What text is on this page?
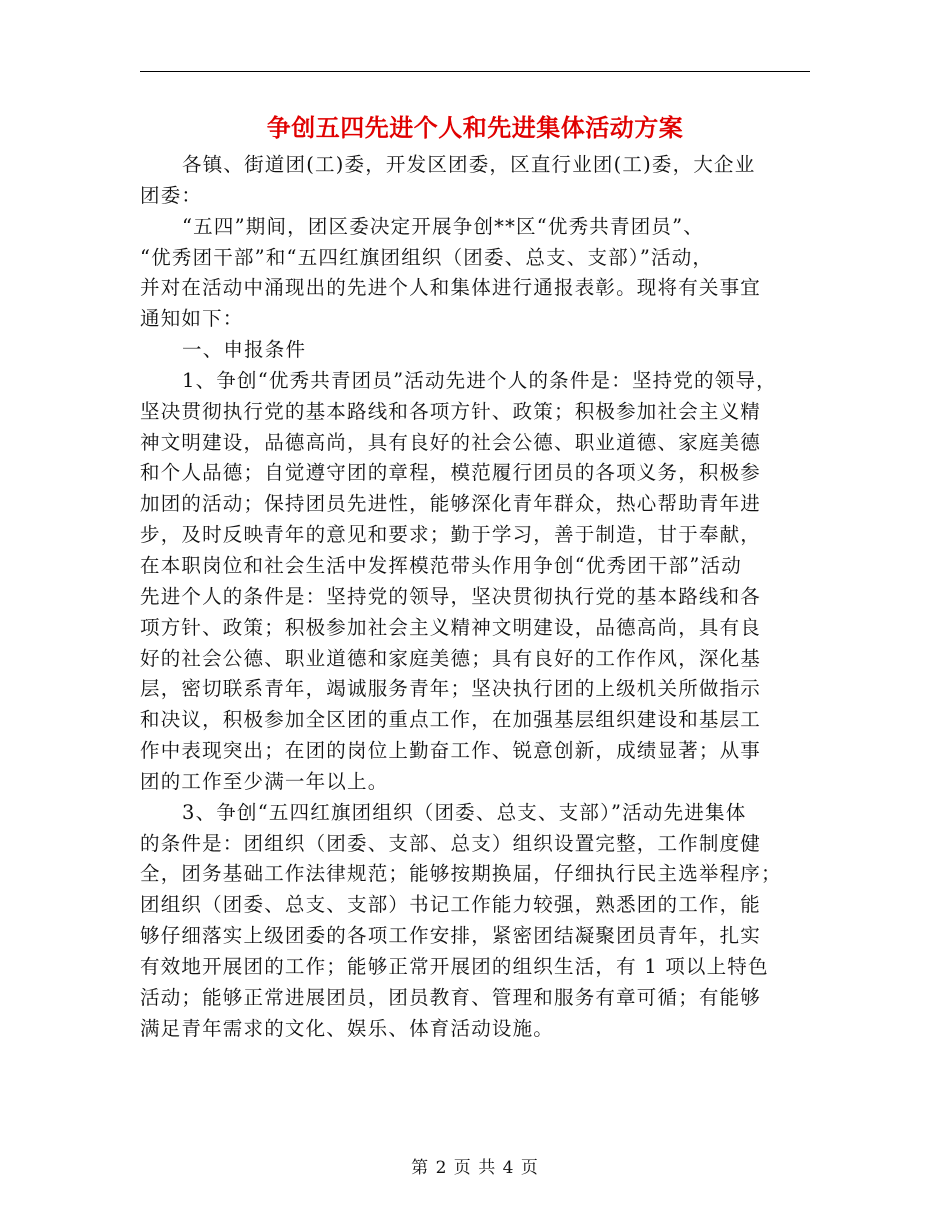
争创五四先进个人和先进集体活动方案
各镇、街道团(工)委，开发区团委，区直行业团(工)委，大企业
团委：
“五四”期间，团区委决定开展争创**区“优秀共青团员”、
“优秀团干部”和“五四红旗团组织（团委、总支、支部）”活动，
并对在活动中涌现出的先进个人和集体进行通报表彰。现将有关事宜
通知如下：
一、申报条件
1、争创“优秀共青团员”活动先进个人的条件是：坚持党的领导，
坚决贯彻执行党的基本路线和各项方针、政策；积极参加社会主义精
神文明建设，品德高尚，具有良好的社会公德、职业道德、家庭美德
和个人品德；自觉遵守团的章程，模范履行团员的各项义务，积极参
加团的活动；保持团员先进性，能够深化青年群众，热心帮助青年进
步，及时反映青年的意见和要求；勤于学习，善于制造，甘于奉献，
在本职岗位和社会生活中发挥模范带头作用争创“优秀团干部”活动
先进个人的条件是：坚持党的领导，坚决贯彻执行党的基本路线和各
项方针、政策；积极参加社会主义精神文明建设，品德高尚，具有良
好的社会公德、职业道德和家庭美德；具有良好的工作作风，深化基
层，密切联系青年，竭诚服务青年；坚决执行团的上级机关所做指示
和决议，积极参加全区团的重点工作，在加强基层组织建设和基层工
作中表现突出；在团的岗位上勤奋工作、锐意创新，成绩显著；从事
团的工作至少满一年以上。
3、争创“五四红旗团组织（团委、总支、支部）”活动先进集体
的条件是：团组织（团委、支部、总支）组织设置完整，工作制度健
全，团务基础工作法律规范；能够按期换届，仔细执行民主选举程序；
团组织（团委、总支、支部）书记工作能力较强，熟悉团的工作，能
够仔细落实上级团委的各项工作安排，紧密团结凝聚团员青年，扎实
有效地开展团的工作；能够正常开展团的组织生活，有 1 项以上特色
活动；能够正常进展团员，团员教育、管理和服务有章可循；有能够
满足青年需求的文化、娱乐、体育活动设施。
第 2 页 共 4 页
